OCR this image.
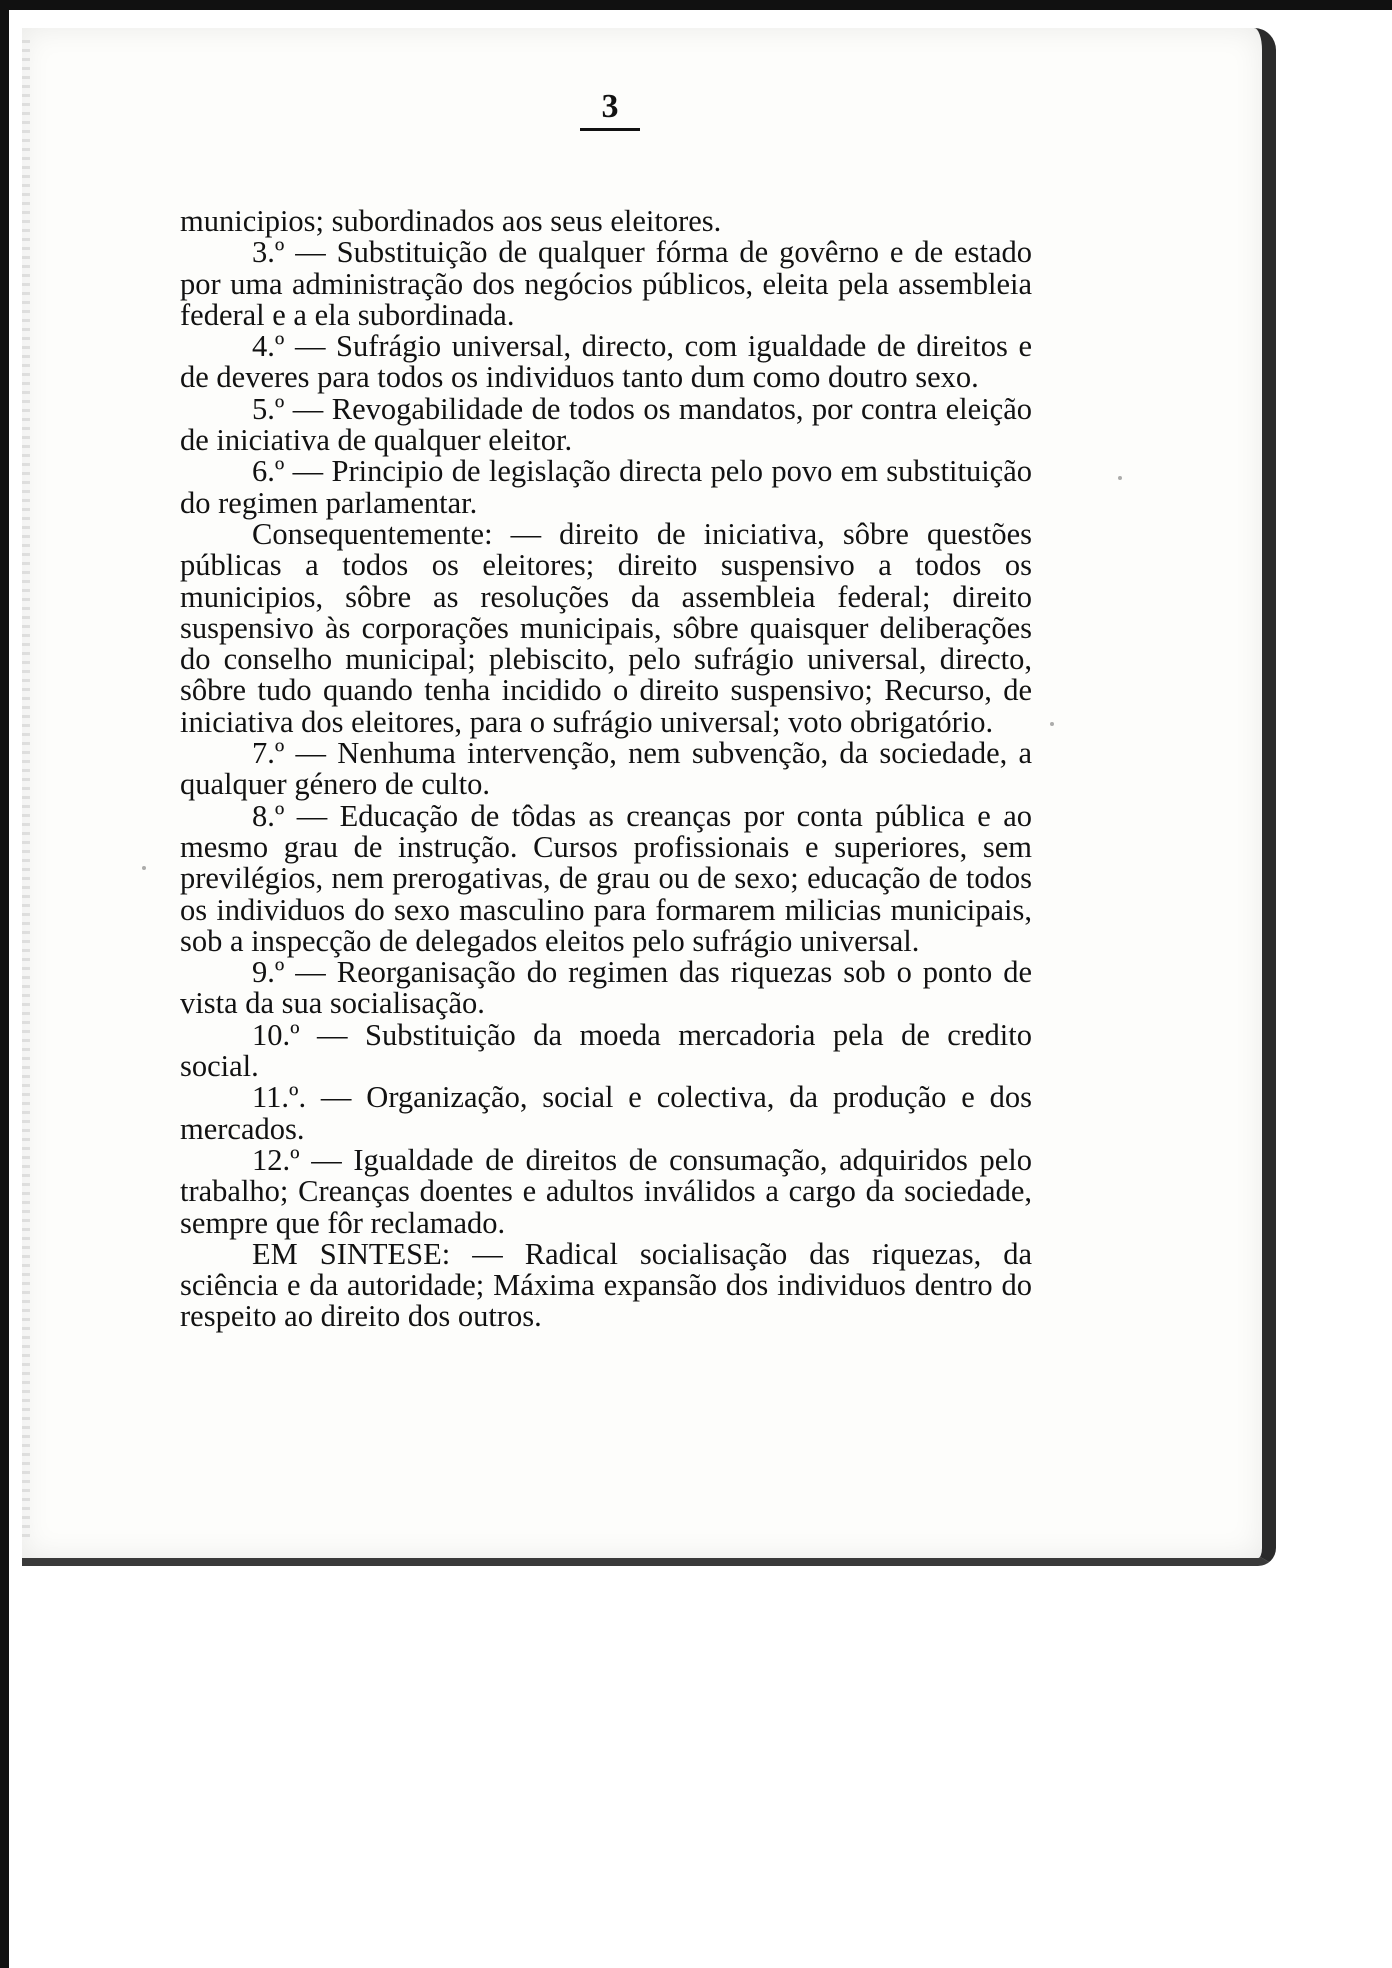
3

municipios; subordinados aos seus eleitores.

3.º — Substituição de qualquer fórma de govêrno e de estado por uma administração dos negócios públicos, eleita pela assembleia federal e a ela subordinada.

4.º — Sufrágio universal, directo, com igualdade de direitos e de deveres para todos os individuos tanto dum como doutro sexo.

5.º — Revogabilidade de todos os mandatos, por contra eleição de iniciativa de qualquer eleitor.

6.º — Principio de legislação directa pelo povo em substituição do regimen parlamentar.

Consequentemente: — direito de iniciativa, sôbre questões públicas a todos os eleitores; direito suspensivo a todos os municipios, sôbre as resoluções da assembleia federal; direito suspensivo às corporações municipais, sôbre quaisquer deliberações do conselho municipal; plebiscito, pelo sufrágio universal, directo, sôbre tudo quando tenha incidido o direito suspensivo; Recurso, de iniciativa dos eleitores, para o sufrágio universal; voto obrigatório.

7.º — Nenhuma intervenção, nem subvenção, da sociedade, a qualquer género de culto.

8.º — Educação de tôdas as creanças por conta pública e ao mesmo grau de instrução. Cursos profissionais e superiores, sem previlégios, nem prerogativas, de grau ou de sexo; educação de todos os individuos do sexo masculino para formarem milicias municipais, sob a inspecção de delegados eleitos pelo sufrágio universal.

9.º — Reorganisação do regimen das riquezas sob o ponto de vista da sua socialisação.

10.º — Substituição da moeda mercadoria pela de credito social.

11.º. — Organização, social e colectiva, da produção e dos mercados.

12.º — Igualdade de direitos de consumação, adquiridos pelo trabalho; Creanças doentes e adultos inválidos a cargo da sociedade, sempre que fôr reclamado.

EM SINTESE: — Radical socialisação das riquezas, da sciência e da autoridade; Máxima expansão dos individuos dentro do respeito ao direito dos outros.
